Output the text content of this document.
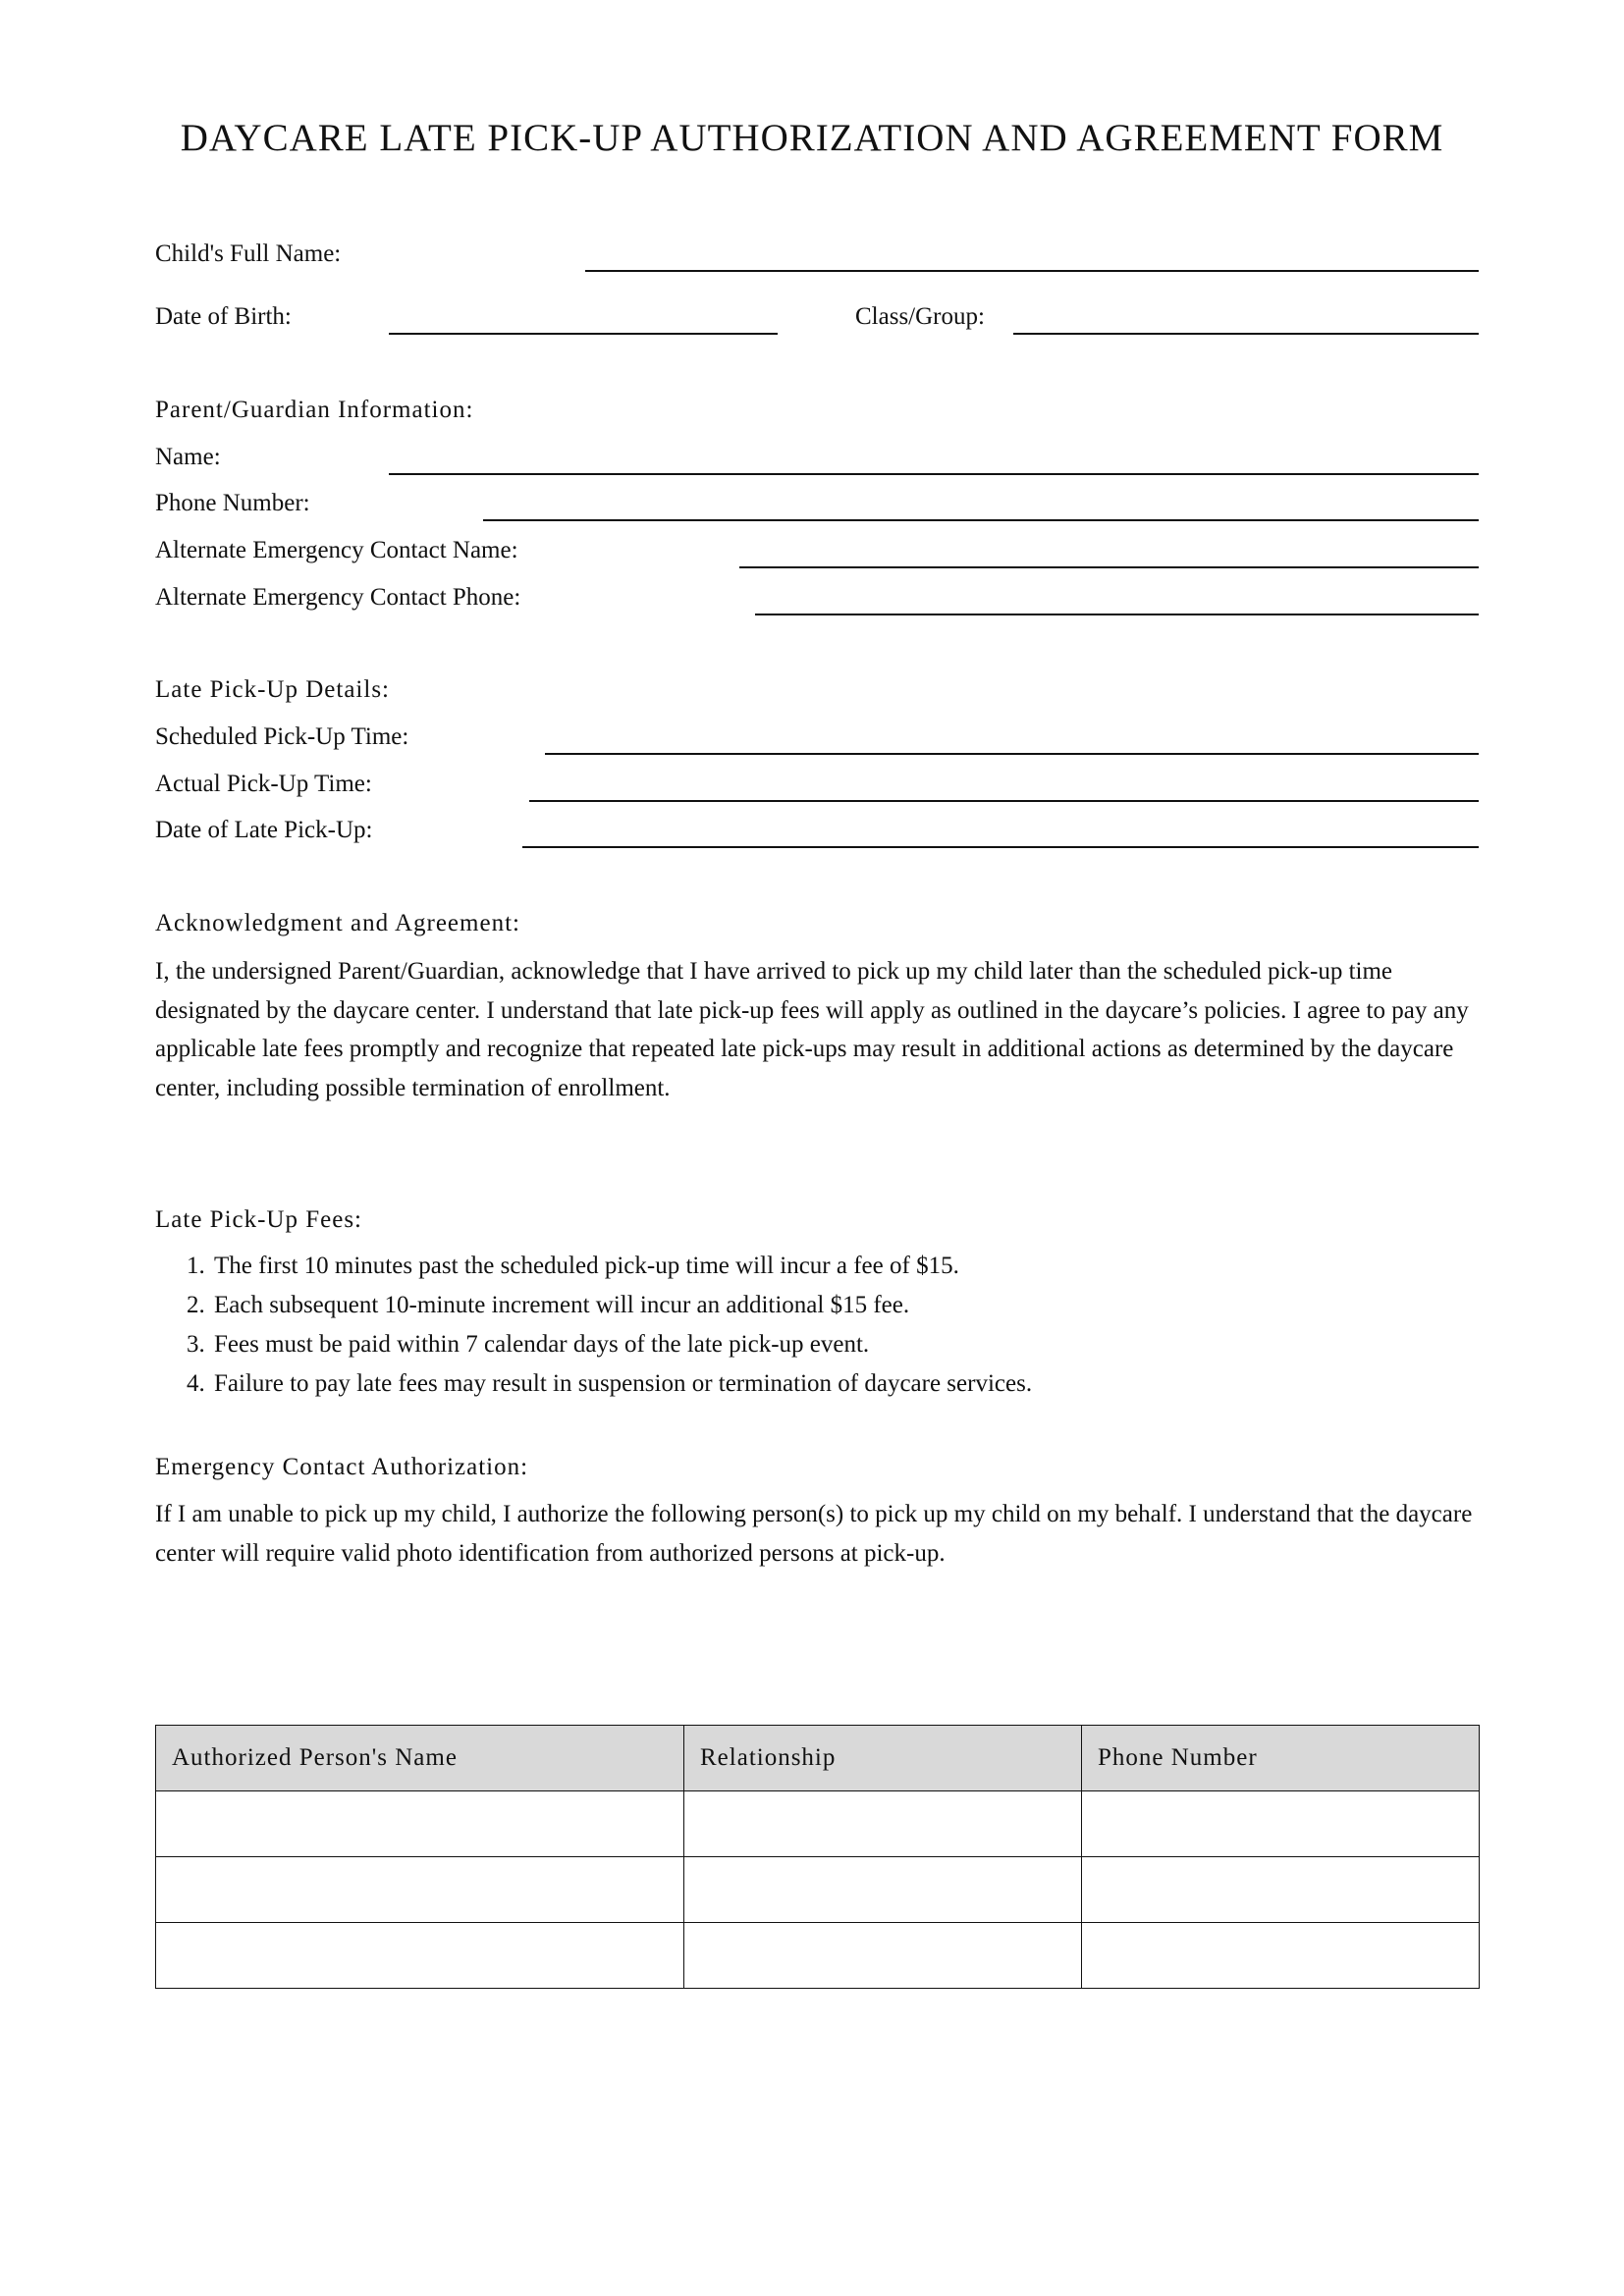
DAYCARE LATE PICK-UP AUTHORIZATION AND AGREEMENT FORM
Child's Full Name:
Date of Birth:	Class/Group:
Parent/Guardian Information:
Name:
Phone Number:
Alternate Emergency Contact Name:
Alternate Emergency Contact Phone:
Late Pick-Up Details:
Scheduled Pick-Up Time:
Actual Pick-Up Time:
Date of Late Pick-Up:
Acknowledgment and Agreement:
I, the undersigned Parent/Guardian, acknowledge that I have arrived to pick up my child later than the scheduled pick-up time designated by the daycare center. I understand that late pick-up fees will apply as outlined in the daycare’s policies. I agree to pay any applicable late fees promptly and recognize that repeated late pick-ups may result in additional actions as determined by the daycare center, including possible termination of enrollment.
Late Pick-Up Fees:
1. The first 10 minutes past the scheduled pick-up time will incur a fee of $15.
2. Each subsequent 10-minute increment will incur an additional $15 fee.
3. Fees must be paid within 7 calendar days of the late pick-up event.
4. Failure to pay late fees may result in suspension or termination of daycare services.
Emergency Contact Authorization:
If I am unable to pick up my child, I authorize the following person(s) to pick up my child on my behalf. I understand that the daycare center will require valid photo identification from authorized persons at pick-up.
Authorized Person's Name	Relationship	Phone Number
